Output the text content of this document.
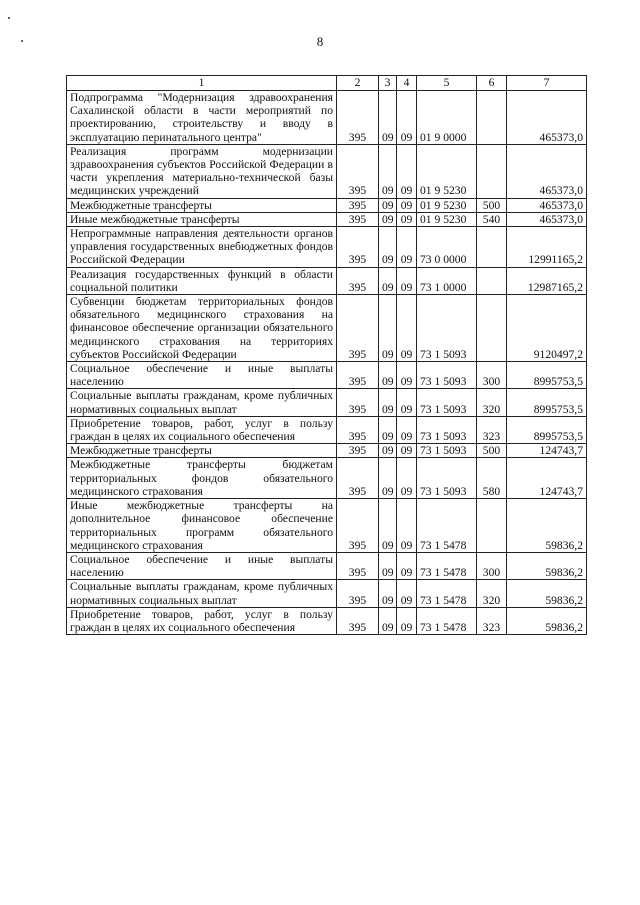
8
1	2	3	4	5	6	7
Подпрограмма "Модернизация здравоохранения Сахалинской области в части мероприятий по проектированию, строительству и вводу в эксплуатацию перинатального центра"	395	09	09	01 9 0000		465373,0
Реализация программ модернизации здравоохранения субъектов Российской Федерации в части укрепления материально-технической базы медицинских учреждений	395	09	09	01 9 5230		465373,0
Межбюджетные трансферты	395	09	09	01 9 5230	500	465373,0
Иные межбюджетные трансферты	395	09	09	01 9 5230	540	465373,0
Непрограммные направления деятельности органов управления государственных внебюджетных фондов Российской Федерации	395	09	09	73 0 0000		12991165,2
Реализация государственных функций в области социальной политики	395	09	09	73 1 0000		12987165,2
Субвенции бюджетам территориальных фондов обязательного медицинского страхования на финансовое обеспечение организации обязательного медицинского страхования на территориях субъектов Российской Федерации	395	09	09	73 1 5093		9120497,2
Социальное обеспечение и иные выплаты населению	395	09	09	73 1 5093	300	8995753,5
Социальные выплаты гражданам, кроме публичных нормативных социальных выплат	395	09	09	73 1 5093	320	8995753,5
Приобретение товаров, работ, услуг в пользу граждан в целях их социального обеспечения	395	09	09	73 1 5093	323	8995753,5
Межбюджетные трансферты	395	09	09	73 1 5093	500	124743,7
Межбюджетные трансферты бюджетам территориальных фондов обязательного медицинского страхования	395	09	09	73 1 5093	580	124743,7
Иные межбюджетные трансферты на дополнительное финансовое обеспечение территориальных программ обязательного медицинского страхования	395	09	09	73 1 5478		59836,2
Социальное обеспечение и иные выплаты населению	395	09	09	73 1 5478	300	59836,2
Социальные выплаты гражданам, кроме публичных нормативных социальных выплат	395	09	09	73 1 5478	320	59836,2
Приобретение товаров, работ, услуг в пользу граждан в целях их социального обеспечения	395	09	09	73 1 5478	323	59836,2
